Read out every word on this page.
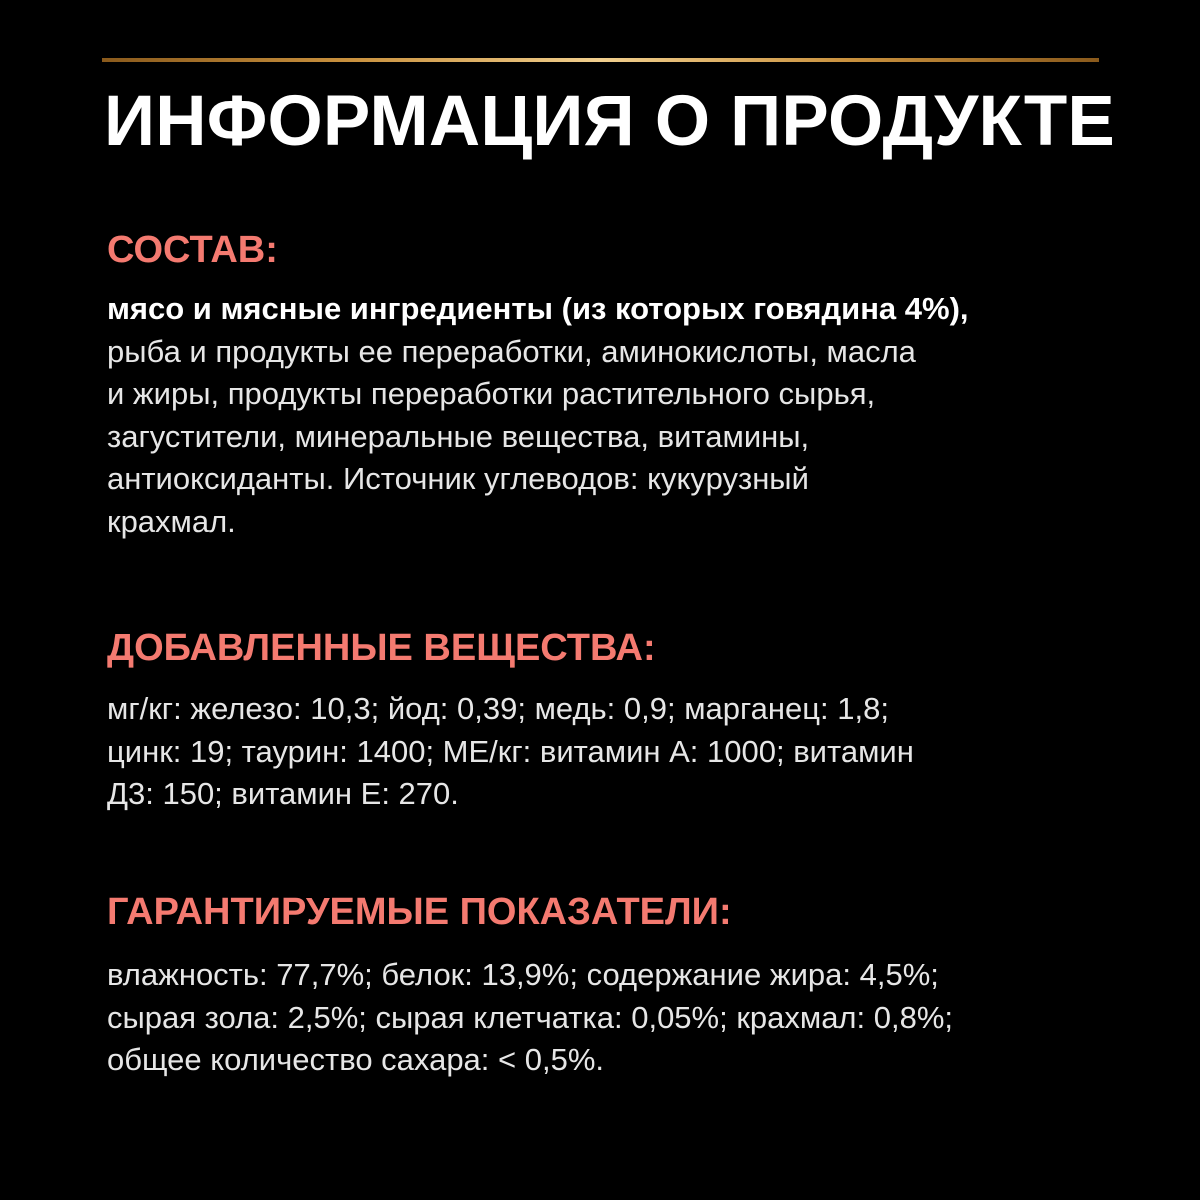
ИНФОРМАЦИЯ О ПРОДУКТЕ
СОСТАВ:
мясо и мясные ингредиенты (из которых говядина 4%),
рыба и продукты ее переработки, аминокислоты, масла
и жиры, продукты переработки растительного сырья,
загустители, минеральные вещества, витамины,
антиоксиданты. Источник углеводов: кукурузный
крахмал.
ДОБАВЛЕННЫЕ ВЕЩЕСТВА:
мг/кг: железо: 10,3; йод: 0,39; медь: 0,9; марганец: 1,8;
цинк: 19; таурин: 1400; МЕ/кг: витамин А: 1000; витамин
Д3: 150; витамин Е: 270.
ГАРАНТИРУЕМЫЕ ПОКАЗАТЕЛИ:
влажность: 77,7%; белок: 13,9%; содержание жира: 4,5%;
сырая зола: 2,5%; сырая клетчатка: 0,05%; крахмал: 0,8%;
общее количество сахара: < 0,5%.
